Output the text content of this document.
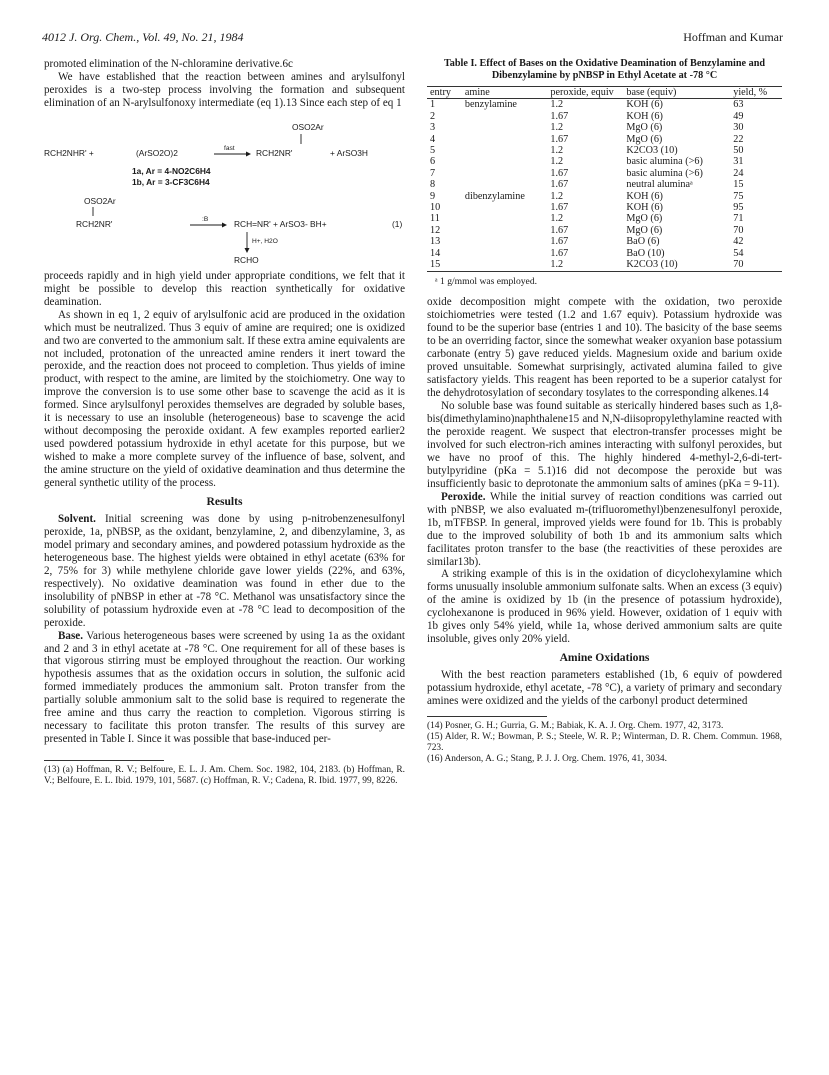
4012 J. Org. Chem., Vol. 49, No. 21, 1984	Hoffman and Kumar

promoted elimination of the N-chloramine derivative.6c

We have established that the reaction between amines and arylsulfonyl peroxides is a two-step process involving the formation and subsequent elimination of an N-arylsulfonoxy intermediate (eq 1).13 Since each step of eq 1

OSO2Ar
RCH2NHR' +	(ArSO2O)2	fast	RCH2NR'	+ ArSO3H
1a, Ar = 4-NO2C6H4
1b, Ar = 3-CF3C6H4
OSO2Ar
RCH2NR'	:B	RCH=NR' + ArSO3- BH+	(1)
H+, H2O
RCHO

proceeds rapidly and in high yield under appropriate conditions, we felt that it might be possible to develop this reaction synthetically for oxidative deamination.

As shown in eq 1, 2 equiv of arylsulfonic acid are produced in the oxidation which must be neutralized. Thus 3 equiv of amine are required; one is oxidized and two are converted to the ammonium salt. If these extra amine equivalents are not included, protonation of the unreacted amine renders it inert toward the peroxide, and the reaction does not proceed to completion. Thus yields of imine product, with respect to the amine, are limited by the stoichiometry. One way to improve the conversion is to use some other base to scavenge the acid as it is formed. Since arylsulfonyl peroxides themselves are degraded by soluble bases, it is necessary to use an insoluble (heterogeneous) base to scavenge the acid without decomposing the peroxide oxidant. A few examples reported earlier2 used powdered potassium hydroxide in ethyl acetate for this purpose, but we wished to make a more complete survey of the influence of base, solvent, and the amine structure on the yield of oxidative deamination and thus determine the general synthetic utility of the process.

Results

Solvent. Initial screening was done by using p-nitrobenzenesulfonyl peroxide, 1a, pNBSP, as the oxidant, benzylamine, 2, and dibenzylamine, 3, as model primary and secondary amines, and powdered potassium hydroxide as the heterogeneous base. The highest yields were obtained in ethyl acetate (63% for 2, 75% for 3) while methylene chloride gave lower yields (22%, and 63%, respectively). No oxidative deamination was found in ether due to the insolubility of pNBSP in ether at -78 °C. Methanol was unsatisfactory since the solubility of potassium hydroxide even at -78 °C lead to decomposition of the peroxide.

Base. Various heterogeneous bases were screened by using 1a as the oxidant and 2 and 3 in ethyl acetate at -78 °C. One requirement for all of these bases is that vigorous stirring must be employed throughout the reaction. Our working hypothesis assumes that as the oxidation occurs in solution, the sulfonic acid formed immediately produces the ammonium salt. Proton transfer from the partially soluble ammonium salt to the solid base is required to regenerate the free amine and thus carry the reaction to completion. Vigorous stirring is necessary to facilitate this proton transfer. The results of this survey are presented in Table I. Since it was possible that base-induced per-

(13) (a) Hoffman, R. V.; Belfoure, E. L. J. Am. Chem. Soc. 1982, 104, 2183. (b) Hoffman, R. V.; Belfoure, E. L. Ibid. 1979, 101, 5687. (c) Hoffman, R. V.; Cadena, R. Ibid. 1977, 99, 8226.

Table I. Effect of Bases on the Oxidative Deamination of Benzylamine and Dibenzylamine by pNBSP in Ethyl Acetate at -78 °C
entry	amine	peroxide, equiv	base (equiv)	yield, %
1	benzylamine	1.2	KOH (6)	63
2		1.67	KOH (6)	49
3		1.2	MgO (6)	30
4		1.67	MgO (6)	22
5		1.2	K2CO3 (10)	50
6		1.2	basic alumina (>6)	31
7		1.67	basic alumina (>6)	24
8		1.67	neutral aluminaᵃ	15
9	dibenzylamine	1.2	KOH (6)	75
10		1.67	KOH (6)	95
11		1.2	MgO (6)	71
12		1.67	MgO (6)	70
13		1.67	BaO (6)	42
14		1.67	BaO (10)	54
15		1.2	K2CO3 (10)	70
ᵃ 1 g/mmol was employed.

oxide decomposition might compete with the oxidation, two peroxide stoichiometries were tested (1.2 and 1.67 equiv). Potassium hydroxide was found to be the superior base (entries 1 and 10). The basicity of the base seems to be an overriding factor, since the somewhat weaker oxyanion base potassium carbonate (entry 5) gave reduced yields. Magnesium oxide and barium oxide proved unsuitable. Somewhat surprisingly, activated alumina failed to give satisfactory yields. This reagent has been reported to be a superior catalyst for the dehydrotosylation of secondary tosylates to the corresponding alkenes.14

No soluble base was found suitable as sterically hindered bases such as 1,8-bis(dimethylamino)naphthalene15 and N,N-diisopropylethylamine reacted with the peroxide reagent. We suspect that electron-transfer processes might be involved for such electron-rich amines interacting with sulfonyl peroxides, but we have no proof of this. The highly hindered 4-methyl-2,6-di-tert-butylpyridine (pKa = 5.1)16 did not decompose the peroxide but was insufficiently basic to deprotonate the ammonium salts of amines (pKa = 9-11).

Peroxide. While the initial survey of reaction conditions was carried out with pNBSP, we also evaluated m-(trifluoromethyl)benzenesulfonyl peroxide, 1b, mTFBSP. In general, improved yields were found for 1b. This is probably due to the improved solubility of both 1b and its ammonium salts which facilitates proton transfer to the base (the reactivities of these peroxides are similar13b).

A striking example of this is in the oxidation of dicyclohexylamine which forms unusually insoluble ammonium sulfonate salts. When an excess (3 equiv) of the amine is oxidized by 1b (in the presence of potassium hydroxide), cyclohexanone is produced in 96% yield. However, oxidation of 1 equiv with 1b gives only 54% yield, while 1a, whose derived ammonium salts are quite insoluble, gives only 20% yield.

Amine Oxidations

With the best reaction parameters established (1b, 6 equiv of powdered potassium hydroxide, ethyl acetate, -78 °C), a variety of primary and secondary amines were oxidized and the yields of the carbonyl product determined

(14) Posner, G. H.; Gurria, G. M.; Babiak, K. A. J. Org. Chem. 1977, 42, 3173.

(15) Alder, R. W.; Bowman, P. S.; Steele, W. R. P.; Winterman, D. R. Chem. Commun. 1968, 723.

(16) Anderson, A. G.; Stang, P. J. J. Org. Chem. 1976, 41, 3034.
